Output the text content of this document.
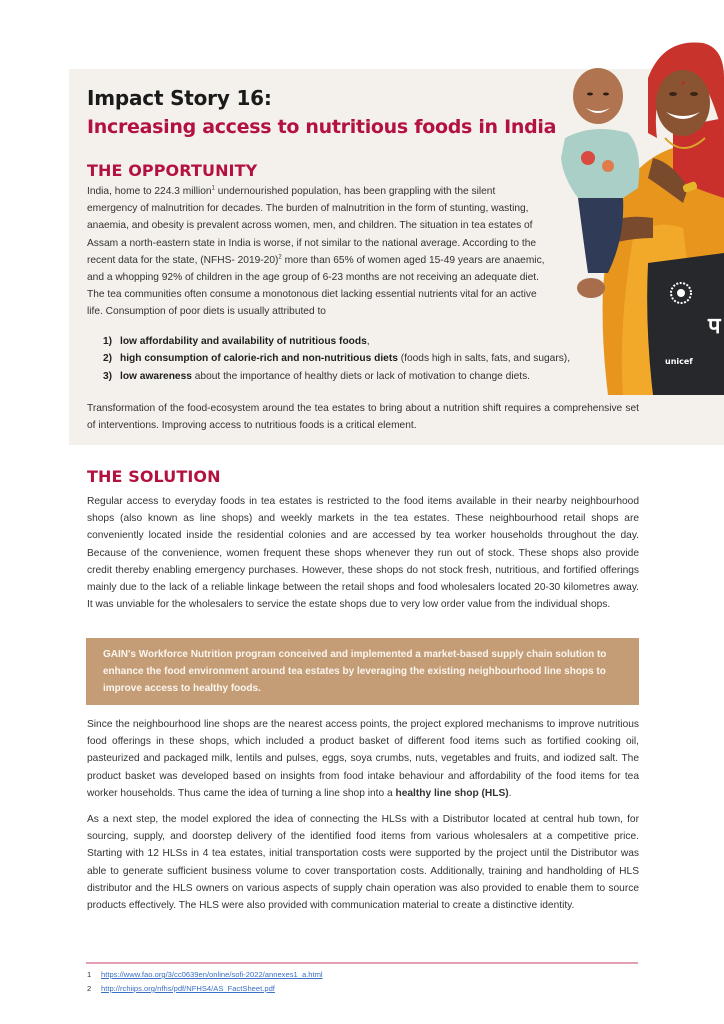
प
unicef
Impact Story 16:
Increasing access to nutritious foods in India
THE OPPORTUNITY

India, home to 224.3 million$^1$ undernourished population, has been grappling with the silent emergency of malnutrition for decades. The burden of malnutrition in the form of stunting, wasting, anaemia, and obesity is prevalent across women, men, and children. The situation in tea estates of Assam a north-eastern state in India is worse, if not similar to the national average. According to the recent data for the state, (NFHS- 2019-20)$^2$ more than 65% of women aged 15-49 years are anaemic, and a whopping 92% of children in the age group of 6-23 months are not receiving an adequate diet. The tea communities often consume a monotonous diet lacking essential nutrients vital for an active life. Consumption of poor diets is usually attributed to

1) low affordability and availability of nutritious foods,
2) high consumption of calorie-rich and non-nutritious diets (foods high in salts, fats, and sugars),
3) low awareness about the importance of healthy diets or lack of motivation to change diets.

Transformation of the food-ecosystem around the tea estates to bring about a nutrition shift requires a comprehensive set of interventions. Improving access to nutritious foods is a critical element.

THE SOLUTION

Regular access to everyday foods in tea estates is restricted to the food items available in their nearby neighbourhood shops (also known as line shops) and weekly markets in the tea estates. These neighbourhood retail shops are conveniently located inside the residential colonies and are accessed by tea worker households throughout the day. Because of the convenience, women frequent these shops whenever they run out of stock. These shops also provide credit thereby enabling emergency purchases. However, these shops do not stock fresh, nutritious, and fortified offerings mainly due to the lack of a reliable linkage between the retail shops and food wholesalers located 20-30 kilometres away. It was unviable for the wholesalers to service the estate shops due to very low order value from the individual shops.

GAIN's Workforce Nutrition program conceived and implemented a market-based supply chain solution to enhance the food environment around tea estates by leveraging the existing neighbourhood line shops to improve access to healthy foods.

Since the neighbourhood line shops are the nearest access points, the project explored mechanisms to improve nutritious food offerings in these shops, which included a product basket of different food items such as fortified cooking oil, pasteurized and packaged milk, lentils and pulses, eggs, soya crumbs, nuts, vegetables and fruits, and iodized salt. The product basket was developed based on insights from food intake behaviour and affordability of the food items for tea worker households. Thus came the idea of turning a line shop into a healthy line shop (HLS).

As a next step, the model explored the idea of connecting the HLSs with a Distributor located at central hub town, for sourcing, supply, and doorstep delivery of the identified food items from various wholesalers at a competitive price. Starting with 12 HLSs in 4 tea estates, initial transportation costs were supported by the project until the Distributor was able to generate sufficient business volume to cover transportation costs. Additionally, training and handholding of HLS distributor and the HLS owners on various aspects of supply chain operation was also provided to enable them to source products effectively. The HLS were also provided with communication material to create a distinctive identity.

1 https://www.fao.org/3/cc0639en/online/sofi-2022/annexes1_a.html
2 http://rchiips.org/nfhs/pdf/NFHS4/AS_FactSheet.pdf
